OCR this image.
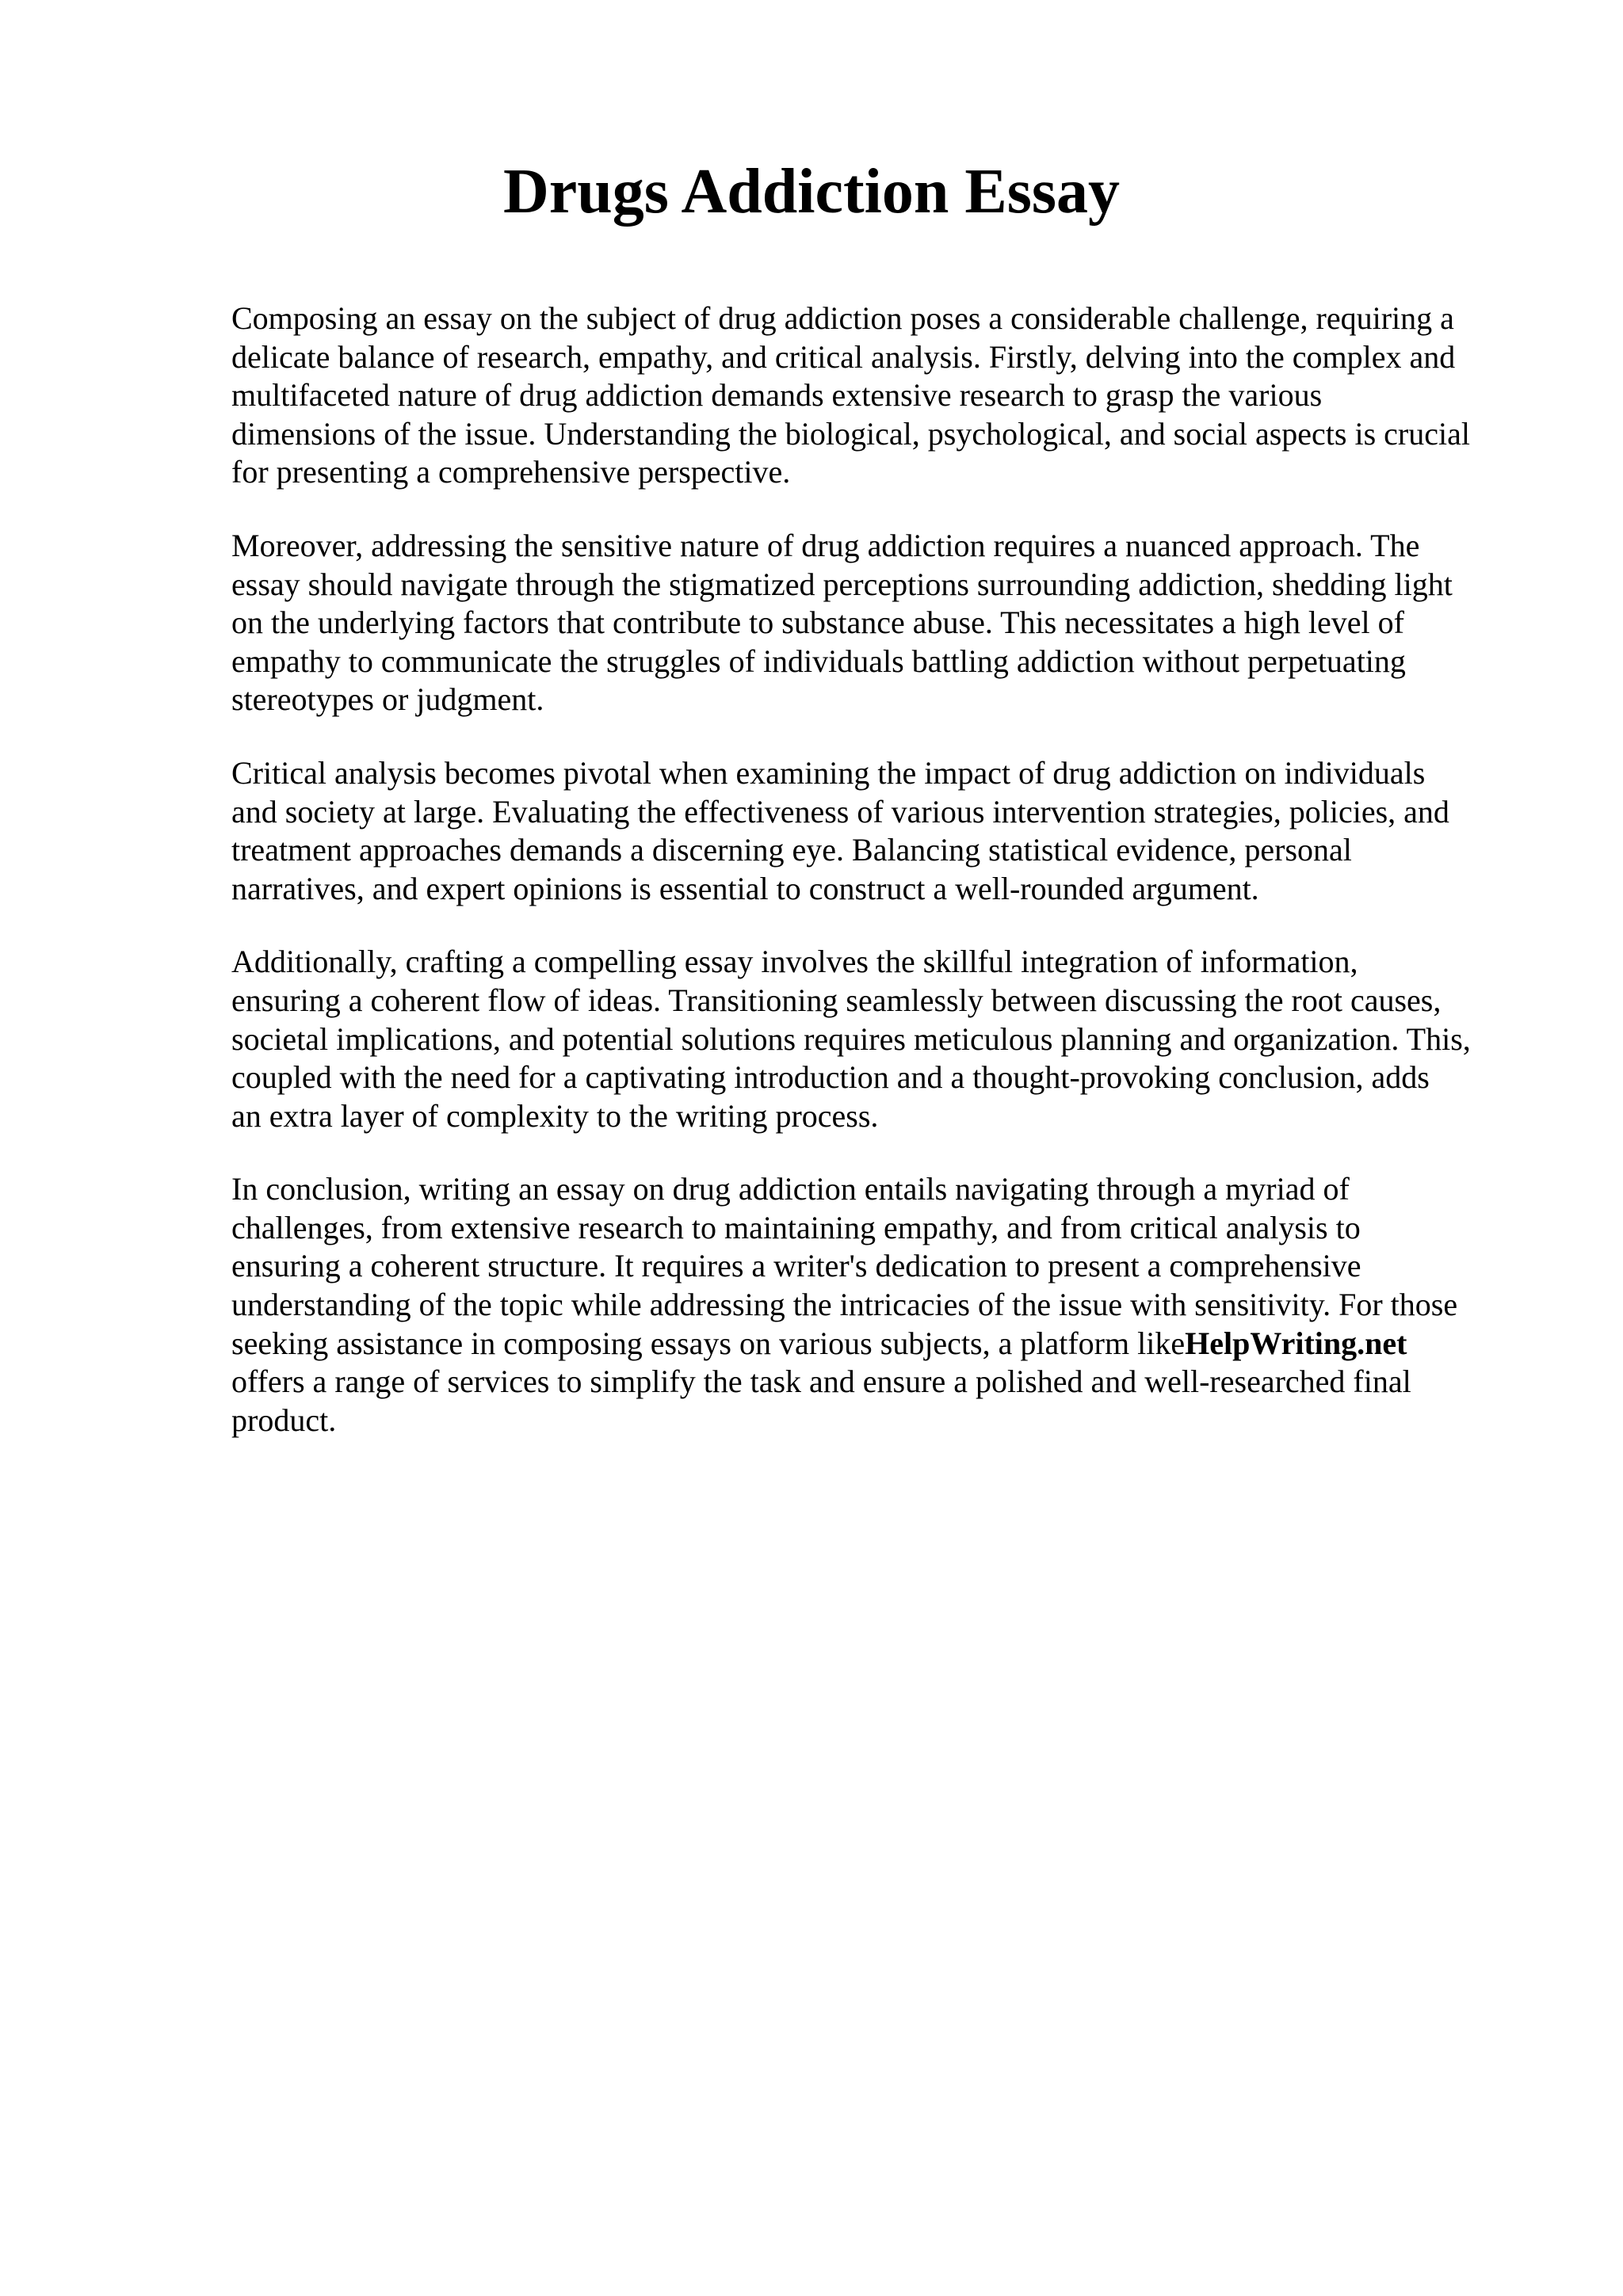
Drugs Addiction Essay

Composing an essay on the subject of drug addiction poses a considerable challenge, requiring a
delicate balance of research, empathy, and critical analysis. Firstly, delving into the complex and
multifaceted nature of drug addiction demands extensive research to grasp the various
dimensions of the issue. Understanding the biological, psychological, and social aspects is crucial
for presenting a comprehensive perspective.

Moreover, addressing the sensitive nature of drug addiction requires a nuanced approach. The
essay should navigate through the stigmatized perceptions surrounding addiction, shedding light
on the underlying factors that contribute to substance abuse. This necessitates a high level of
empathy to communicate the struggles of individuals battling addiction without perpetuating
stereotypes or judgment.

Critical analysis becomes pivotal when examining the impact of drug addiction on individuals
and society at large. Evaluating the effectiveness of various intervention strategies, policies, and
treatment approaches demands a discerning eye. Balancing statistical evidence, personal
narratives, and expert opinions is essential to construct a well-rounded argument.

Additionally, crafting a compelling essay involves the skillful integration of information,
ensuring a coherent flow of ideas. Transitioning seamlessly between discussing the root causes,
societal implications, and potential solutions requires meticulous planning and organization. This,
coupled with the need for a captivating introduction and a thought-provoking conclusion, adds
an extra layer of complexity to the writing process.

In conclusion, writing an essay on drug addiction entails navigating through a myriad of
challenges, from extensive research to maintaining empathy, and from critical analysis to
ensuring a coherent structure. It requires a writer's dedication to present a comprehensive
understanding of the topic while addressing the intricacies of the issue with sensitivity. For those
seeking assistance in composing essays on various subjects, a platform likeHelpWriting.net
offers a range of services to simplify the task and ensure a polished and well-researched final
product.
